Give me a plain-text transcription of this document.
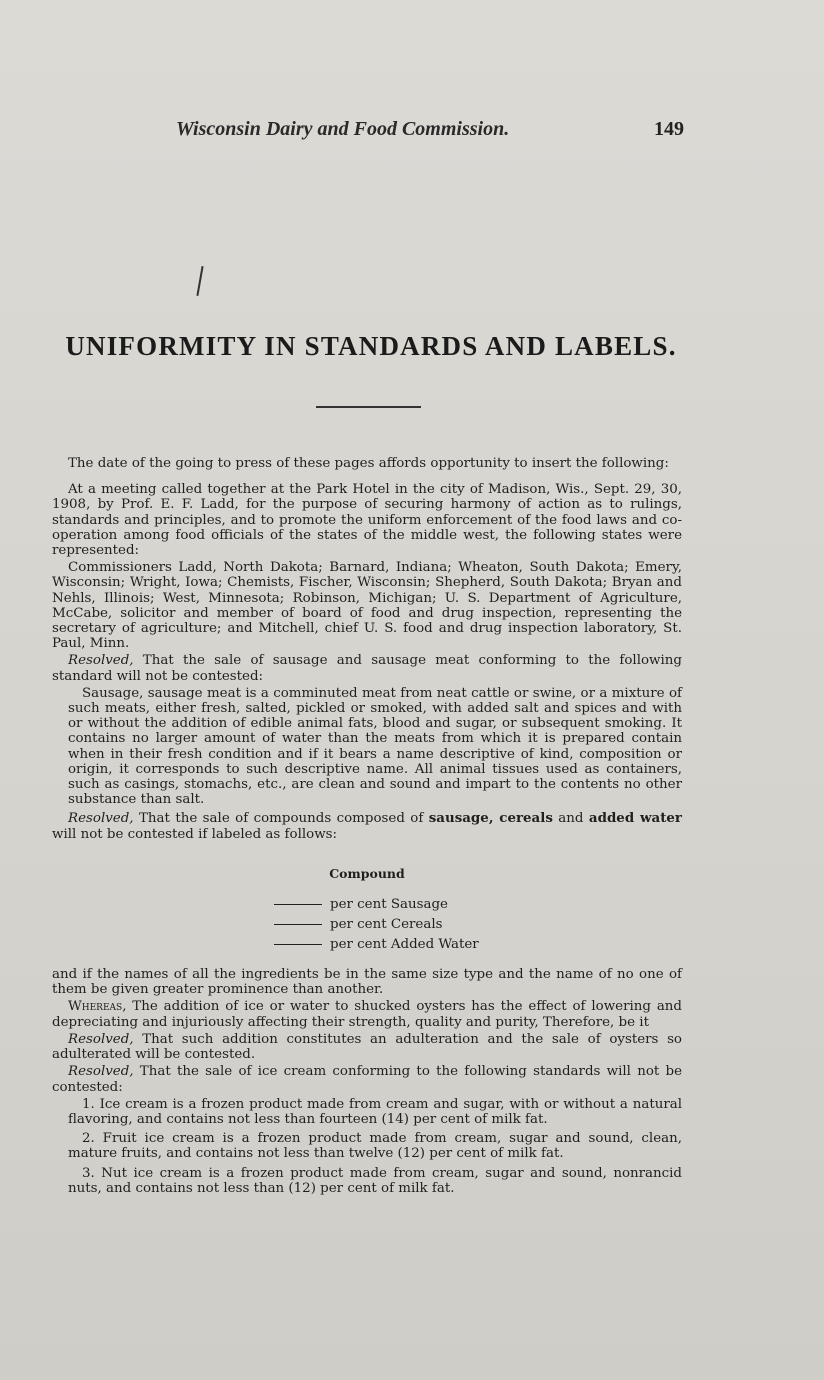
Wisconsin Dairy and Food Commission.	149
UNIFORMITY IN STANDARDS AND LABELS.

The date of the going to press of these pages affords opportunity to insert the following:

At a meeting called together at the Park Hotel in the city of Madison, Wis., Sept. 29, 30, 1908, by Prof. E. F. Ladd, for the purpose of securing harmony of action as to rulings, standards and principles, and to promote the uniform enforcement of the food laws and co-operation among food officials of the states of the middle west, the following states were represented:

Commissioners Ladd, North Dakota; Barnard, Indiana; Wheaton, South Dakota; Emery, Wisconsin; Wright, Iowa; Chemists, Fischer, Wisconsin; Shepherd, South Dakota; Bryan and Nehls, Illinois; West, Minnesota; Robinson, Michigan; U. S. Department of Agriculture, McCabe, solicitor and member of board of food and drug inspection, representing the secretary of agriculture; and Mitchell, chief U. S. food and drug inspection laboratory, St. Paul, Minn.

Resolved, That the sale of sausage and sausage meat conforming to the following standard will not be contested:

Sausage, sausage meat is a comminuted meat from neat cattle or swine, or a mixture of such meats, either fresh, salted, pickled or smoked, with added salt and spices and with or without the addition of edible animal fats, blood and sugar, or subsequent smoking. It contains no larger amount of water than the meats from which it is prepared contain when in their fresh condition and if it bears a name descriptive of kind, composition or origin, it corresponds to such descriptive name. All animal tissues used as containers, such as casings, stomachs, etc., are clean and sound and impart to the contents no other substance than salt.

Resolved, That the sale of compounds composed of sausage, cereals and added water will not be contested if labeled as follows:

Compound
per cent Sausage
per cent Cereals
per cent Added Water

and if the names of all the ingredients be in the same size type and the name of no one of them be given greater prominence than another.

Whereas, The addition of ice or water to shucked oysters has the effect of lowering and depreciating and injuriously affecting their strength, quality and purity, Therefore, be it

Resolved, That such addition constitutes an adulteration and the sale of oysters so adulterated will be contested.

Resolved, That the sale of ice cream conforming to the following standards will not be contested:

1. Ice cream is a frozen product made from cream and sugar, with or without a natural flavoring, and contains not less than fourteen (14) per cent of milk fat.

2. Fruit ice cream is a frozen product made from cream, sugar and sound, clean, mature fruits, and contains not less than twelve (12) per cent of milk fat.

3. Nut ice cream is a frozen product made from cream, sugar and sound, nonrancid nuts, and contains not less than (12) per cent of milk fat.
